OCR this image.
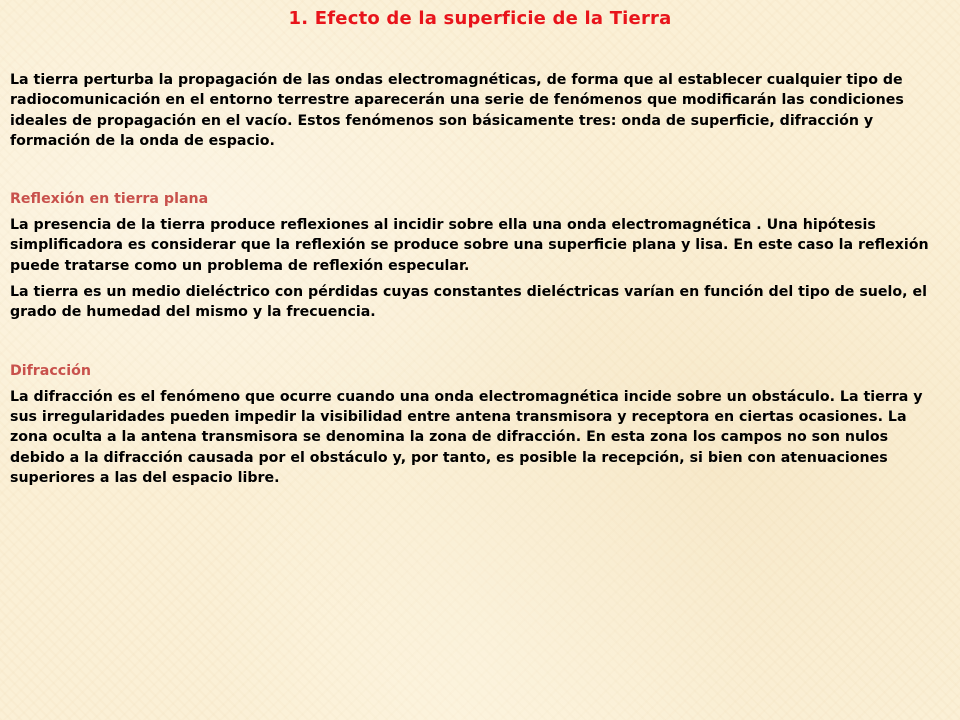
1. Efecto de la superficie de la Tierra

La tierra perturba la propagación de las ondas electromagnéticas, de forma que al establecer cualquier tipo de radiocomunicación en el entorno terrestre aparecerán una serie de fenómenos que modificarán las condiciones ideales de propagación en el vacío. Estos fenómenos son básicamente tres: onda de superficie, difracción y formación de la onda de espacio.

Reflexión en tierra plana

La presencia de la tierra produce reflexiones al incidir sobre ella una onda electromagnética . Una hipótesis simplificadora es considerar que la reflexión se produce sobre una superficie plana y lisa. En este caso la reflexión puede tratarse como un problema de reflexión especular.

La tierra es un medio dieléctrico con pérdidas cuyas constantes dieléctricas varían en función del tipo de suelo, el grado de humedad del mismo y la frecuencia.

Difracción

La difracción es el fenómeno que ocurre cuando una onda electromagnética incide sobre un obstáculo. La tierra y sus irregularidades pueden impedir la visibilidad entre antena transmisora y receptora en ciertas ocasiones. La zona oculta a la antena transmisora se denomina la zona de difracción. En esta zona los campos no son nulos debido a la difracción causada por el obstáculo y, por tanto, es posible la recepción, si bien con atenuaciones superiores a las del espacio libre.
